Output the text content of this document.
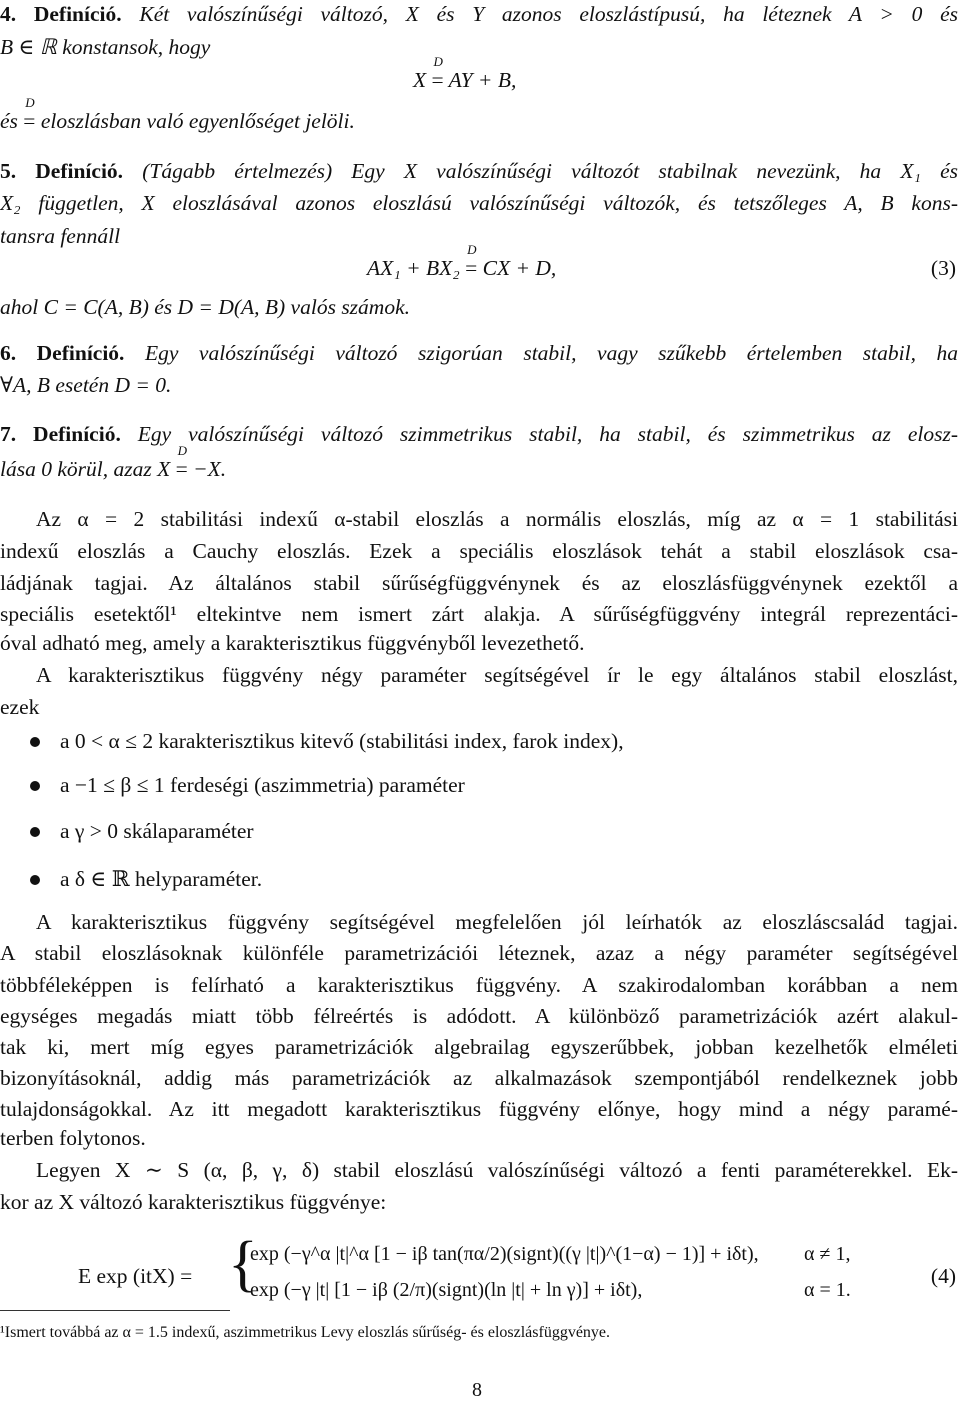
4. Definíció. Két valószínűségi változó, X és Y azonos eloszlástípusú, ha léteznek A > 0 és
B ∈ ℝ konstansok, hogy
X
D
= AY + B,
és
D
= eloszlásban való egyenlőséget jelöli.
5. Definíció. (Tágabb értelmezés) Egy X valószínűségi változót stabilnak nevezünk, ha X₁ és
X₂ független, X eloszlásával azonos eloszlású valószínűségi változók, és tetszőleges A, B kons-
tansra fennáll
AX₁ + BX₂
D
= CX + D,	(3)
ahol C = C(A, B) és D = D(A, B) valós számok.
6. Definíció. Egy valószínűségi változó szigorúan stabil, vagy szűkebb értelemben stabil, ha
∀A, B esetén D = 0.
7. Definíció. Egy valószínűségi változó szimmetrikus stabil, ha stabil, és szimmetrikus az elosz-
lása 0 körül, azaz X
D
= −X.
Az α = 2 stabilitási indexű α-stabil eloszlás a normális eloszlás, míg az α = 1 stabilitási
indexű eloszlás a Cauchy eloszlás. Ezek a speciális eloszlások tehát a stabil eloszlások csa-
ládjának tagjai. Az általános stabil sűrűségfüggvénynek és az eloszlásfüggvénynek ezektől a
speciális esetektől¹ eltekintve nem ismert zárt alakja. A sűrűségfüggvény integrál reprezentáci-
óval adható meg, amely a karakterisztikus függvényből levezethető.
A karakterisztikus függvény négy paraméter segítségével ír le egy általános stabil eloszlást,
ezek
a 0 < α ≤ 2 karakterisztikus kitevő (stabilitási index, farok index),
a −1 ≤ β ≤ 1 ferdeségi (aszimmetria) paraméter
a γ > 0 skálaparaméter
a δ ∈ ℝ helyparaméter.
A karakterisztikus függvény segítségével megfelelően jól leírhatók az eloszláscsalád tagjai.
A stabil eloszlásoknak különféle parametrizációi léteznek, azaz a négy paraméter segítségével
többféleképpen is felírható a karakterisztikus függvény. A szakirodalomban korábban a nem
egységes megadás miatt több félreértés is adódott. A különböző parametrizációk azért alakul-
tak ki, mert míg egyes parametrizációk algebrailag egyszerűbbek, jobban kezelhetők elméleti
bizonyításoknál, addig más parametrizációk az alkalmazások szempontjából rendelkeznek jobb
tulajdonságokkal. Az itt megadott karakterisztikus függvény előnye, hogy mind a négy paramé-
terben folytonos.
Legyen X ∼ S (α, β, γ, δ) stabil eloszlású valószínűségi változó a fenti paraméterekkel. Ek-
kor az X változó karakterisztikus függvénye:
E exp (itX) = {
exp (−γ^α |t|^α [1 − iβ tan(πα/2)(signt)((γ |t|)^(1−α) − 1)] + iδt), α ≠ 1,
exp (−γ |t| [1 − iβ (2/π)(signt)(ln |t| + ln γ)] + iδt),	α = 1.
(4)
¹Ismert továbbá az α = 1.5 indexű, aszimmetrikus Levy eloszlás sűrűség- és eloszlásfüggvénye.
8
